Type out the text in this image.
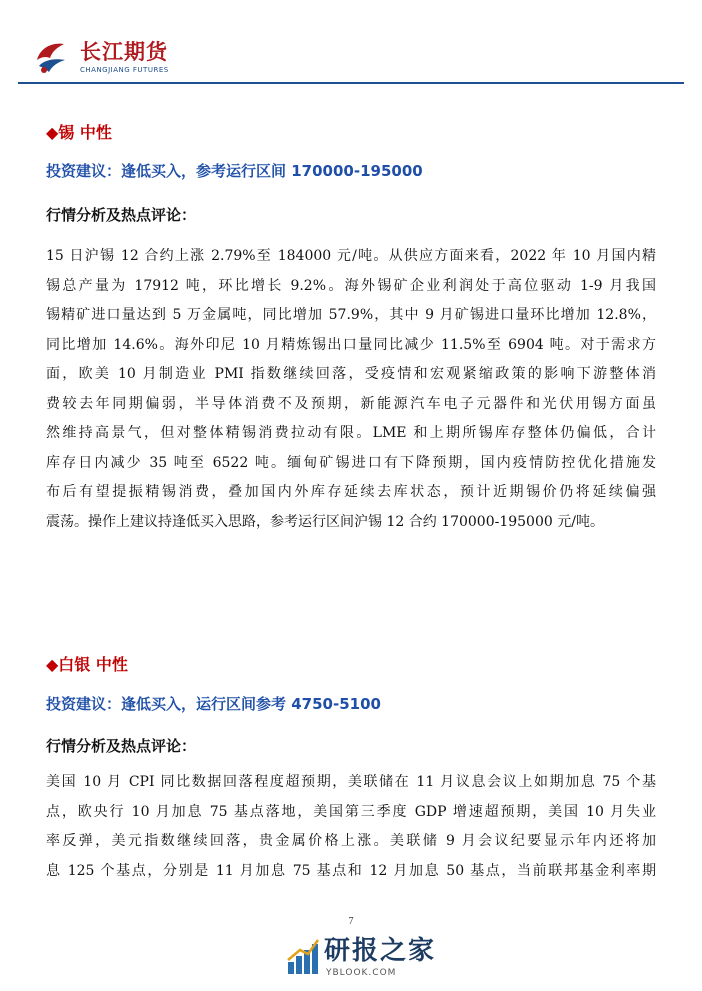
长江期货
CHANGJIANG FUTURES
◆锡 中性
投资建议：逢低买入，参考运行区间 170000-195000
行情分析及热点评论：
15 日沪锡 12 合约上涨 2.79%至 184000 元/吨。从供应方面来看，2022 年 10 月国内精
锡总产量为 17912 吨，环比增长 9.2%。海外锡矿企业利润处于高位驱动 1-9 月我国
锡精矿进口量达到 5 万金属吨，同比增加 57.9%，其中 9 月矿锡进口量环比增加 12.8%，
同比增加 14.6%。海外印尼 10 月精炼锡出口量同比减少 11.5%至 6904 吨。对于需求方
面，欧美 10 月制造业 PMI 指数继续回落，受疫情和宏观紧缩政策的影响下游整体消
费较去年同期偏弱，半导体消费不及预期，新能源汽车电子元器件和光伏用锡方面虽
然维持高景气，但对整体精锡消费拉动有限。LME 和上期所锡库存整体仍偏低，合计
库存日内减少 35 吨至 6522 吨。缅甸矿锡进口有下降预期，国内疫情防控优化措施发
布后有望提振精锡消费，叠加国内外库存延续去库状态，预计近期锡价仍将延续偏强
震荡。操作上建议持逢低买入思路，参考运行区间沪锡 12 合约 170000-195000 元/吨。
◆白银 中性
投资建议：逢低买入，运行区间参考 4750-5100
行情分析及热点评论：
美国 10 月 CPI 同比数据回落程度超预期，美联储在 11 月议息会议上如期加息 75 个基
点，欧央行 10 月加息 75 基点落地，美国第三季度 GDP 增速超预期，美国 10 月失业
率反弹，美元指数继续回落，贵金属价格上涨。美联储 9 月会议纪要显示年内还将加
息 125 个基点，分别是 11 月加息 75 基点和 12 月加息 50 基点，当前联邦基金利率期
7
研报之家
YBLOOK.COM
